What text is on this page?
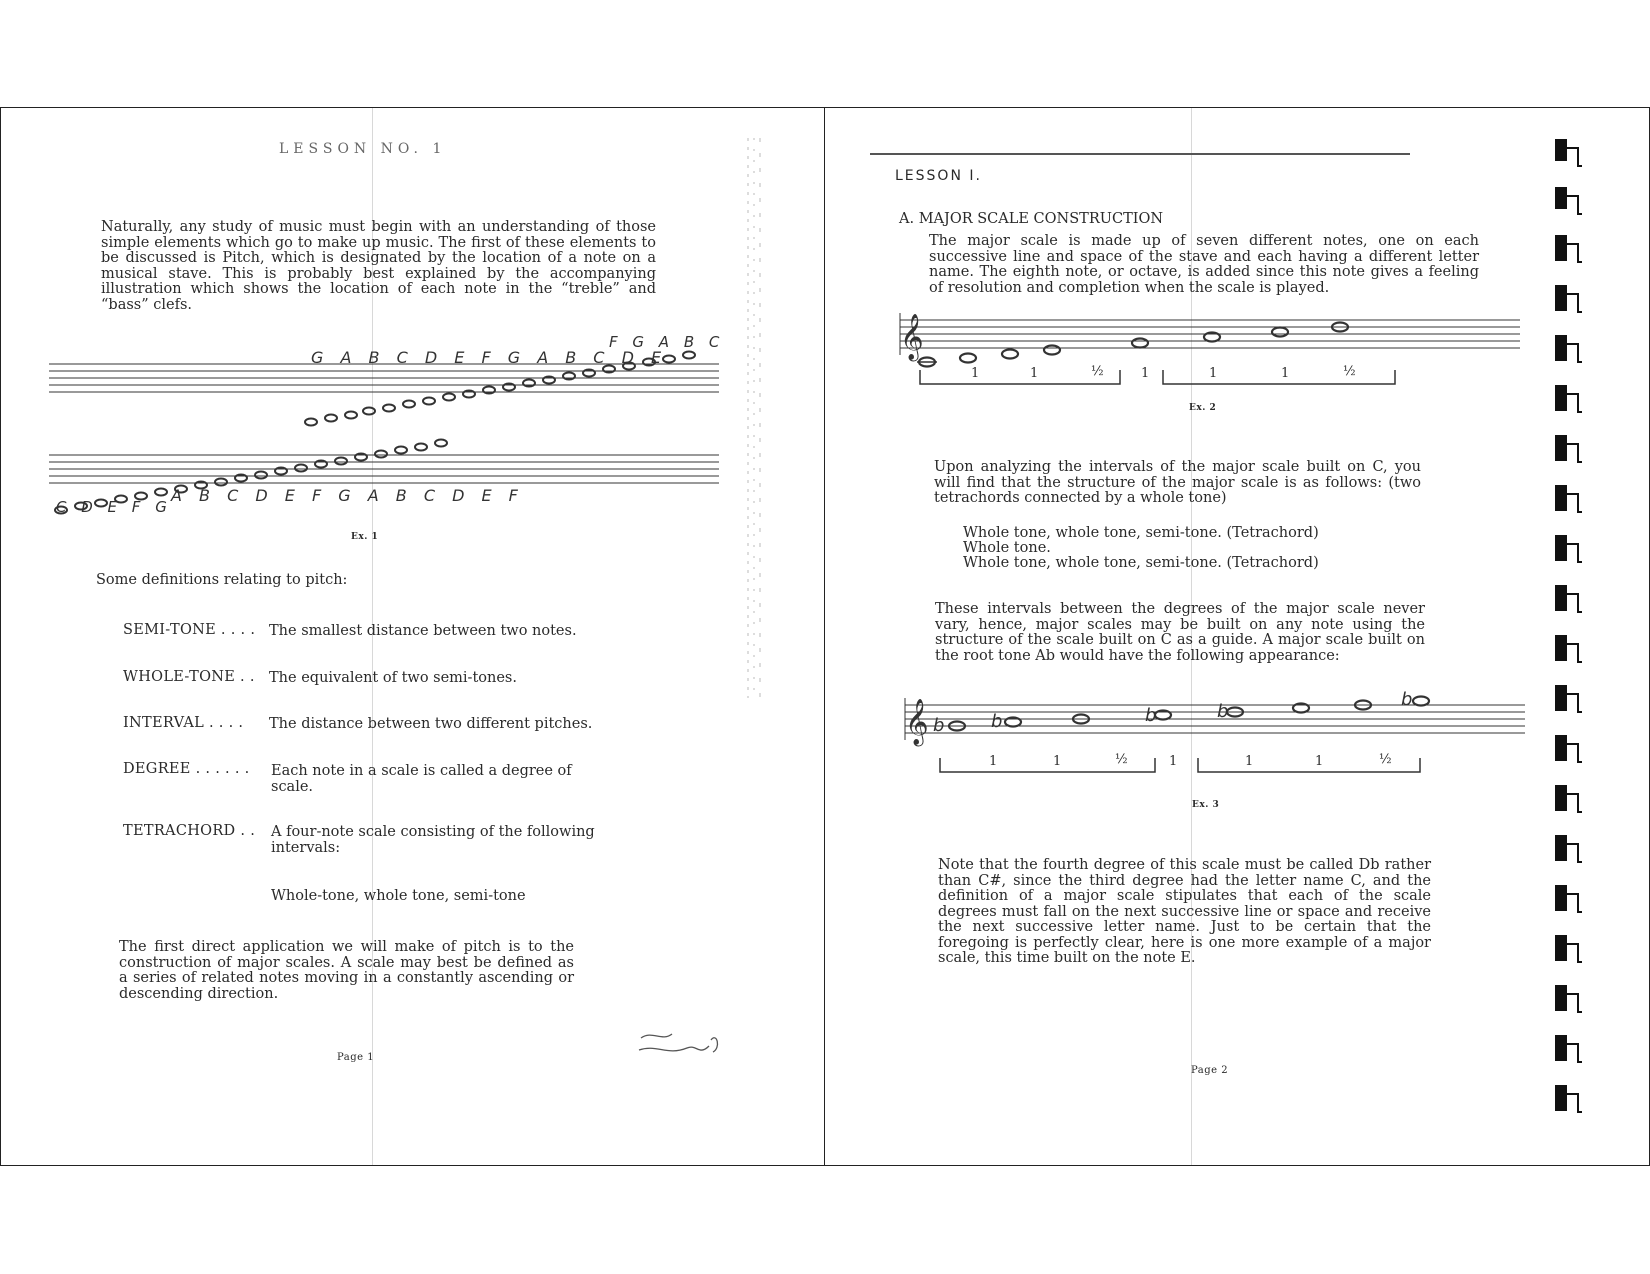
LESSON NO. 1
Naturally, any study of music must begin with an understanding of those simple elements which go to make up music. The first of these elements to be discussed is Pitch, which is designated by the location of a note on a musical stave. This is probably best explained by the accompanying illustration which shows the location of each note in the “treble” and “bass” clefs.
G A B C D E F G A B C D E
F G A B C
A B C D E F G A B C D E F
C D E F G
Ex. 1
Some definitions relating to pitch:
SEMI-TONE . . . . The smallest distance between two notes.
WHOLE-TONE . . The equivalent of two semi-tones.
INTERVAL . . . . The distance between two different pitches.
DEGREE . . . . . . Each note in a scale is called a degree of scale.
TETRACHORD . . A four-note scale consisting of the following intervals:
Whole-tone, whole tone, semi-tone
The first direct application we will make of pitch is to the construction of major scales. A scale may best be defined as a series of related notes moving in a constantly ascending or descending direction.
Page 1
LESSON I.
A. MAJOR SCALE CONSTRUCTION
The major scale is made up of seven different notes, one on each successive line and space of the stave and each having a different letter name. The eighth note, or octave, is added since this note gives a feeling of resolution and completion when the scale is played.
𝄞
1	1	½	1	1	1	½
Ex. 2
Upon analyzing the intervals of the major scale built on C, you will find that the structure of the major scale is as follows: (two tetrachords connected by a whole tone)
Whole tone, whole tone, semi-tone. (Tetrachord)
Whole tone.
Whole tone, whole tone, semi-tone. (Tetrachord)
These intervals between the degrees of the major scale never vary, hence, major scales may be built on any note using the structure of the scale built on C as a guide. A major scale built on the root tone Ab would have the following appearance:
𝄞 b	b	b	b
b
1	1	½	1	1	1	½
Ex. 3
Note that the fourth degree of this scale must be called Db rather than C#, since the third degree had the letter name C, and the definition of a major scale stipulates that each of the scale degrees must fall on the next successive line or space and receive the next successive letter name. Just to be certain that the foregoing is perfectly clear, here is one more example of a major scale, this time built on the note E.
Page 2
